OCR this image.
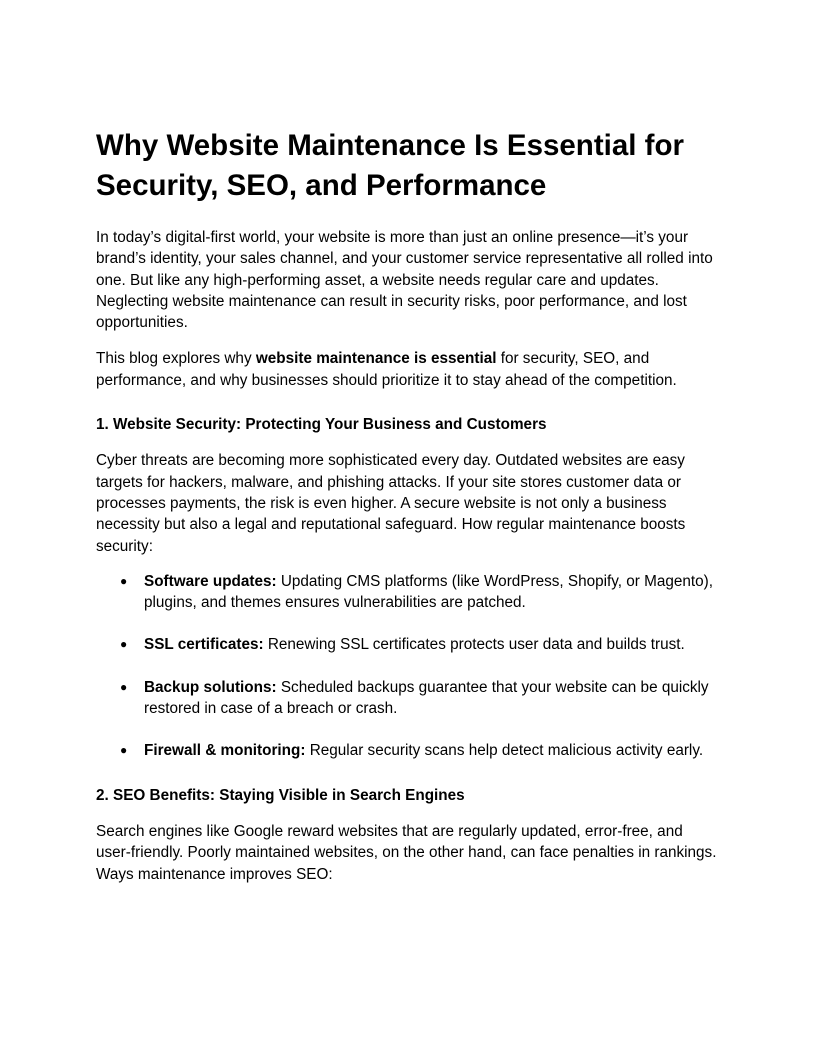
Why Website Maintenance Is Essential for Security, SEO, and Performance

In today’s digital-first world, your website is more than just an online presence—it’s your brand’s identity, your sales channel, and your customer service representative all rolled into one. But like any high-performing asset, a website needs regular care and updates. Neglecting website maintenance can result in security risks, poor performance, and lost opportunities.

This blog explores why website maintenance is essential for security, SEO, and performance, and why businesses should prioritize it to stay ahead of the competition.

1. Website Security: Protecting Your Business and Customers

Cyber threats are becoming more sophisticated every day. Outdated websites are easy targets for hackers, malware, and phishing attacks. If your site stores customer data or processes payments, the risk is even higher. A secure website is not only a business necessity but also a legal and reputational safeguard. How regular maintenance boosts security:

● Software updates: Updating CMS platforms (like WordPress, Shopify, or Magento), plugins, and themes ensures vulnerabilities are patched.
● SSL certificates: Renewing SSL certificates protects user data and builds trust.
● Backup solutions: Scheduled backups guarantee that your website can be quickly restored in case of a breach or crash.
● Firewall & monitoring: Regular security scans help detect malicious activity early.
2. SEO Benefits: Staying Visible in Search Engines

Search engines like Google reward websites that are regularly updated, error-free, and user-friendly. Poorly maintained websites, on the other hand, can face penalties in rankings. Ways maintenance improves SEO:
